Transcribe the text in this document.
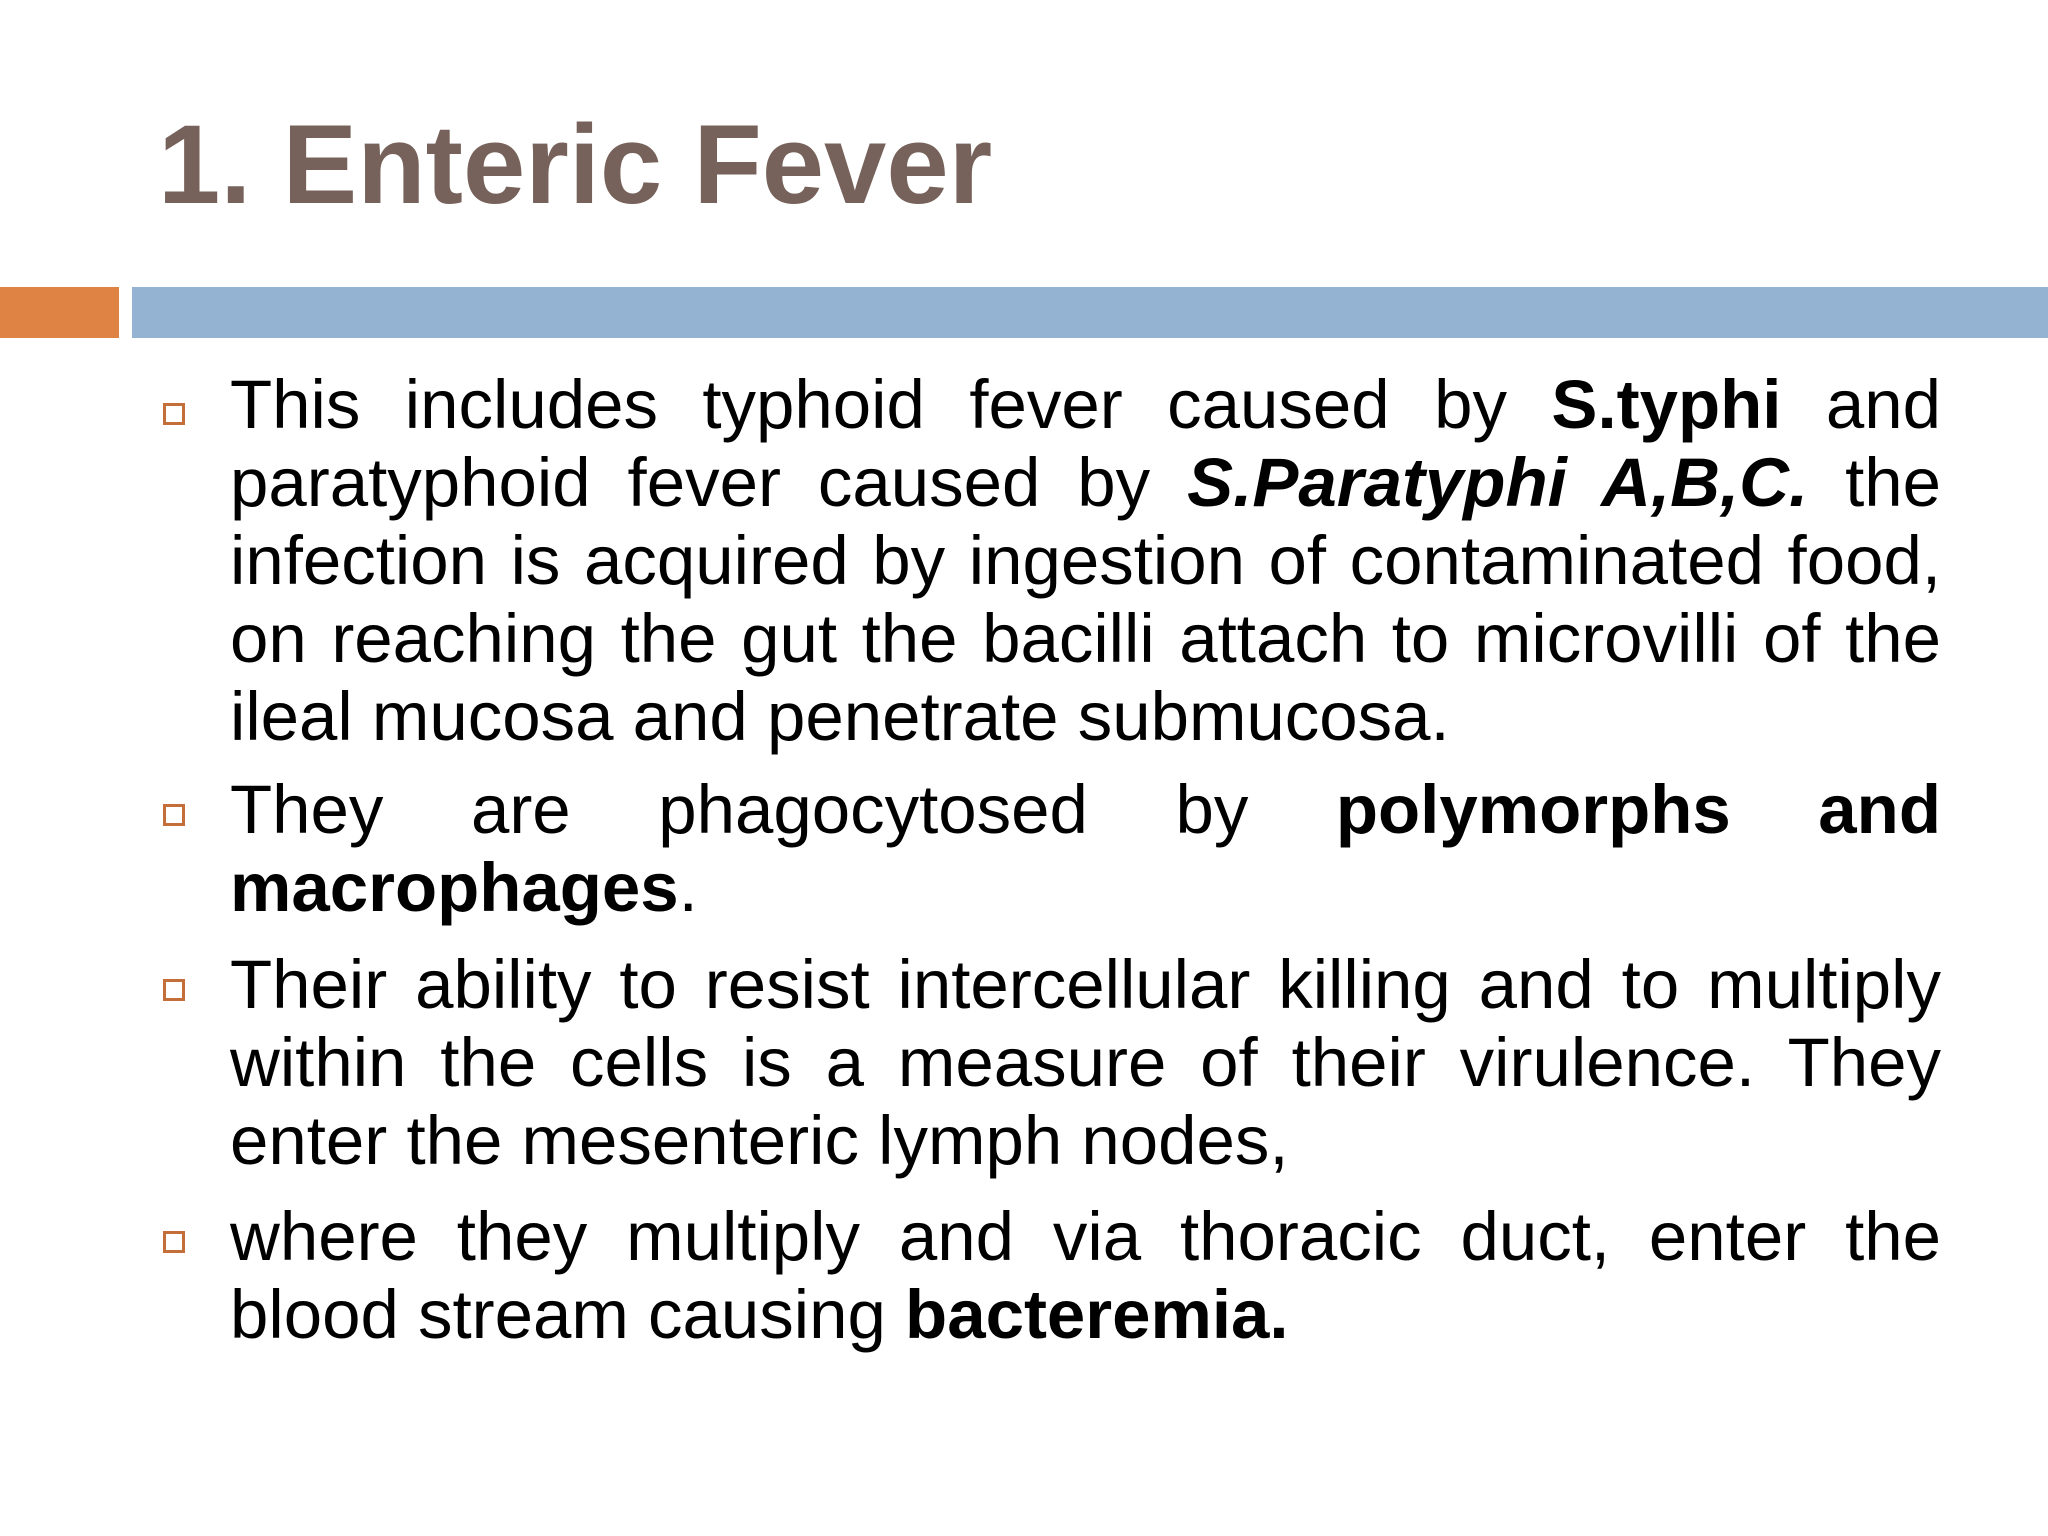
1. Enteric Fever
This includes typhoid fever caused by S.typhi and paratyphoid fever caused by S.Paratyphi A,B,C. the infection is acquired by ingestion of contaminated food, on reaching the gut the bacilli attach to microvilli of the ileal mucosa and penetrate submucosa.
They are phagocytosed by polymorphs and macrophages.
Their ability to resist intercellular killing and to multiply within the cells is a measure of their virulence. They enter the mesenteric lymph nodes,
where they multiply and via thoracic duct, enter the blood stream causing bacteremia.
